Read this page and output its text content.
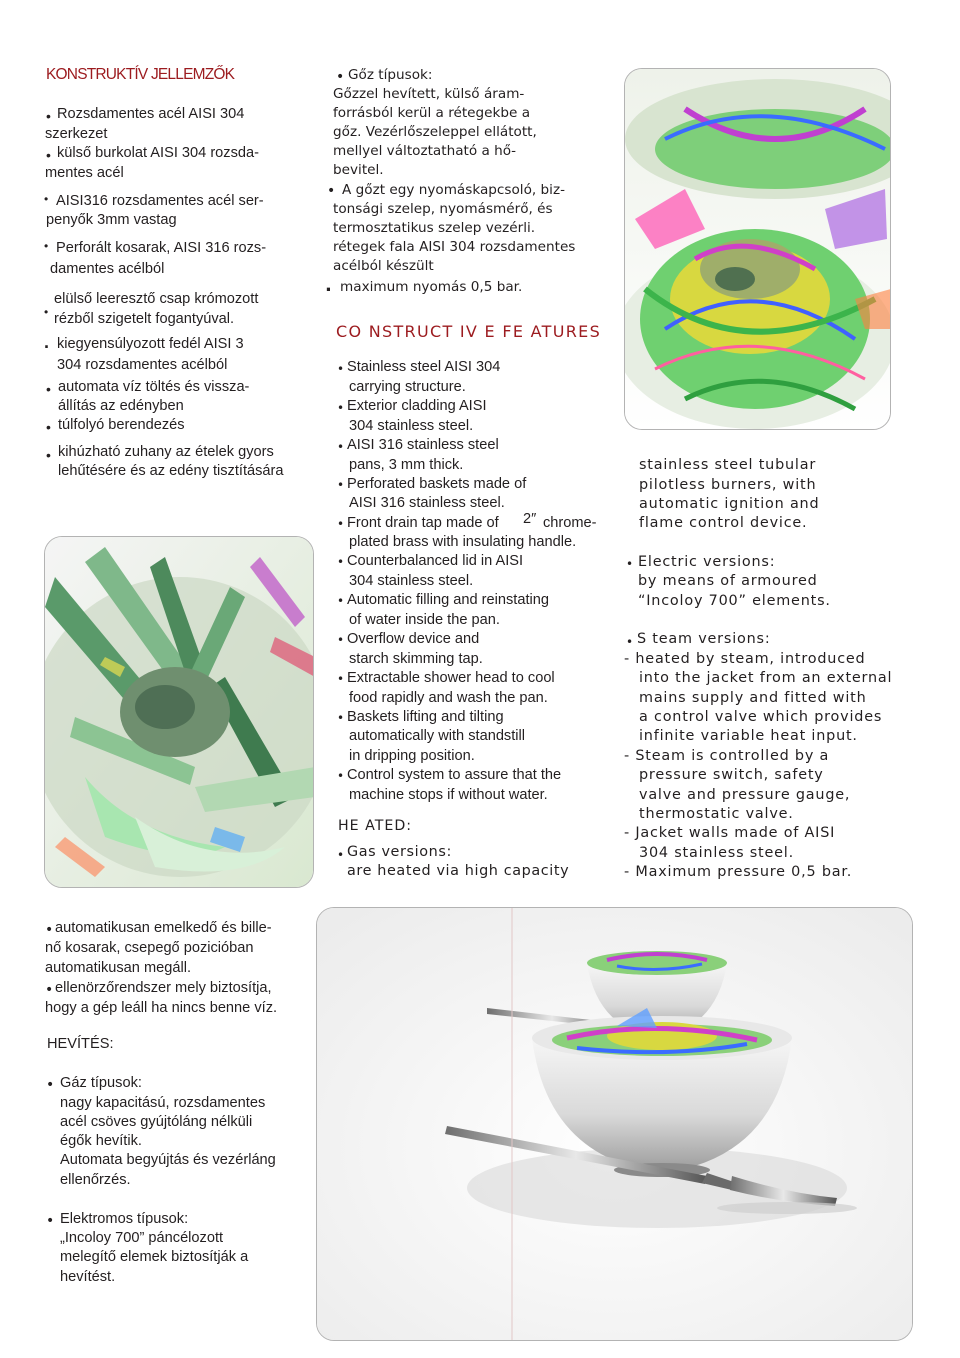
KONSTRUKTÍV JELLEMZŐK
• Rozsdamentes acél AISI 304
szerkezet
• külső burkolat AISI 304 rozsda-
mentes acél
• AISI316 rozsdamentes acél ser-
penyők 3mm vastag
• Perforált kosarak, AISI 316 rozs-
damentes acélból
elülső leeresztő csap krómozott
• rézből szigetelt fogantyúval.
. kiegyensúlyozott fedél AISI 3
304 rozsdamentes acélból
• automata víz töltés és vissza-
állítás az edényben
• túlfolyó berendezés
• kihúzható zuhany az ételek gyors
lehűtésére és az edény tisztítására
• automatikusan emelkedő és bille-
nő kosarak, csepegő pozicióban
automatikusan megáll.
• ellenörzőrendszer mely biztosítja,
hogy a gép leáll ha nincs benne víz.
HEVÍTÉS:
• Gáz típusok:
nagy kapacitású, rozsdamentes
acél csöves gyújtóláng nélküli
égők hevítik.
Automata begyújtás és vezérláng
ellenőrzés.
• Elektromos típusok:
„Incoloy 700” páncélozott
melegítő elemek biztosítják a
hevítést.
• Gőz típusok:
Gőzzel hevített, külső áram-
forrásból kerül a rétegekbe a
gőz. Vezérlőszeleppel ellátott,
mellyel változtatható a hő-
bevitel.
• A gőzt egy nyomáskapcsoló, biz-
tonsági szelep, nyomásmérő, és
termosztatikus szelep vezérli.
rétegek fala AISI 304 rozsdamentes
acélból készült
. maximum nyomás 0,5 bar.
CO NSTRUCT IV E FE ATURES
• Stainless steel AISI 304
carrying structure.
• Exterior cladding AISI
304 stainless steel.
• AISI 316 stainless steel
pans, 3 mm thick.
• Perforated baskets made of
AISI 316 stainless steel.
• Front drain tap made of 2″ chrome-
plated brass with insulating handle.
• Counterbalanced lid in AISI
304 stainless steel.
• Automatic filling and reinstating
of water inside the pan.
• Overflow device and
starch skimming tap.
• Extractable shower head to cool
food rapidly and wash the pan.
• Baskets lifting and tilting
automatically with standstill
in dripping position.
• Control system to assure that the
machine stops if without water.
HE ATED:
• Gas versions:
are heated via high capacity
stainless steel tubular
pilotless burners, with
automatic ignition and
flame control device.
• Electric versions:
by means of armoured
“Incoloy 700” elements.
• S team versions:
- heated by steam, introduced
into the jacket from an external
mains supply and fitted with
a control valve which provides
infinite variable heat input.
- Steam is controlled by a
pressure switch, safety
valve and pressure gauge,
thermostatic valve.
- Jacket walls made of AISI
304 stainless steel.
- Maximum pressure 0,5 bar.
